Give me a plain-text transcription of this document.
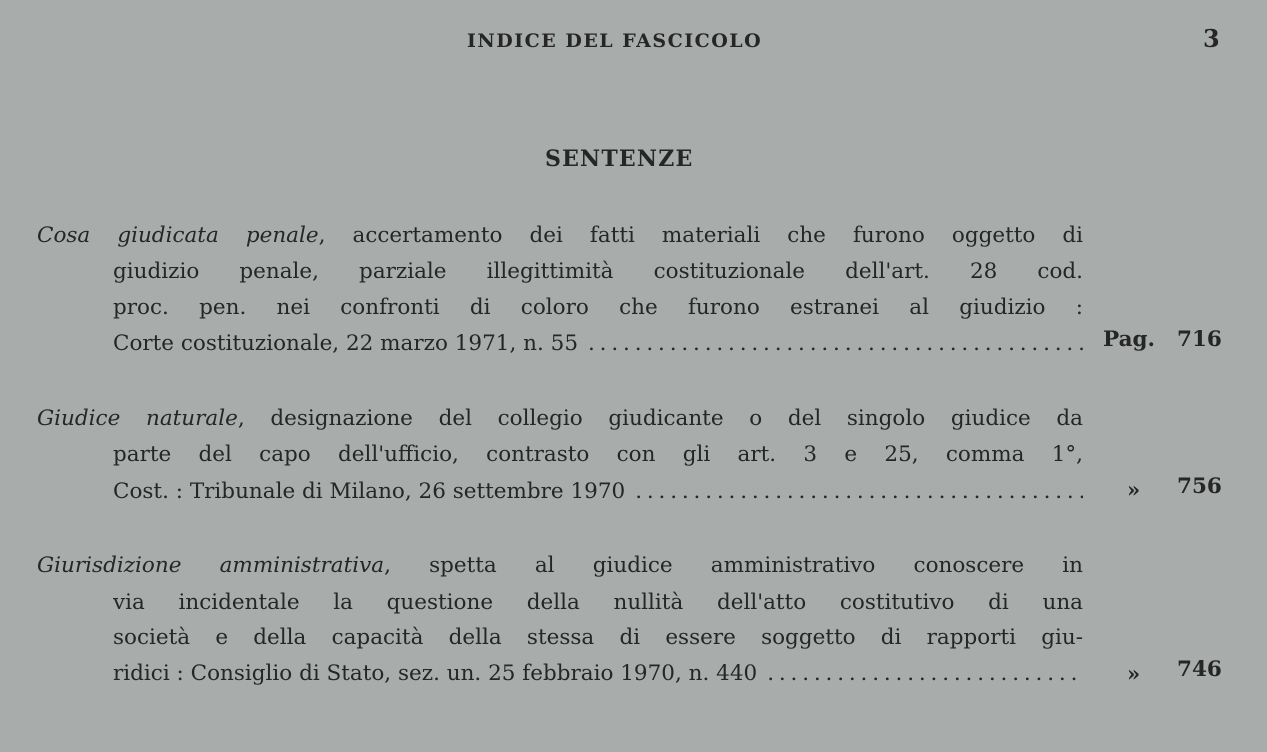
INDICE DEL FASCICOLO	3
SENTENZE
Cosa giudicata penale, accertamento dei fatti materiali che furono oggetto di
giudizio penale, parziale illegittimità costituzionale dell'art. 28 cod.
proc. pen. nei confronti di coloro che furono estranei al giudizio :
Corte costituzionale, 22 marzo 1971, n. 55 . . .	Pag. 716
Giudice naturale, designazione del collegio giudicante o del singolo giudice da
parte del capo dell'ufficio, contrasto con gli art. 3 e 25, comma 1°,
Cost. : Tribunale di Milano, 26 settembre 1970 . . .	» 756
Giurisdizione amministrativa, spetta al giudice amministrativo conoscere in
via incidentale la questione della nullità dell'atto costitutivo di una
società e della capacità della stessa di essere soggetto di rapporti giu-
ridici : Consiglio di Stato, sez. un. 25 febbraio 1970, n. 440 . . .	» 746
